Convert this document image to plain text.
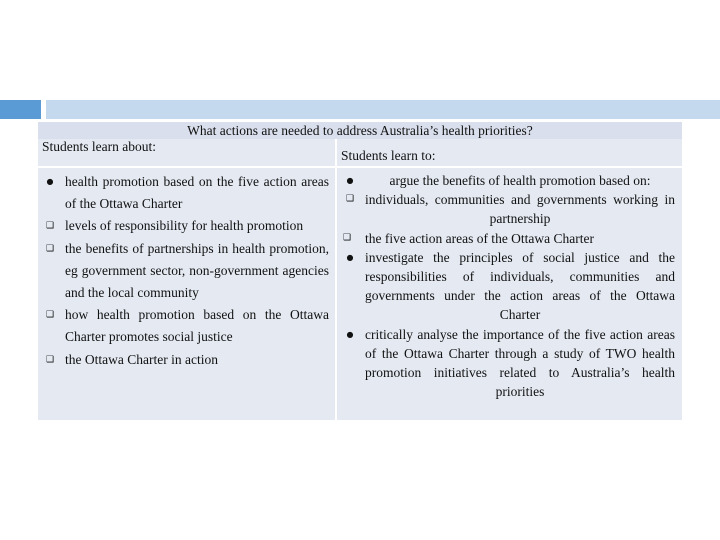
What actions are needed to address Australia’s health priorities?
Students learn about:
Students learn to:
● health promotion based on the five action areas of the Ottawa Charter
❑ levels of responsibility for health promotion
❑ the benefits of partnerships in health promotion, eg government sector, non-government agencies and the local community
❑ how health promotion based on the Ottawa Charter promotes social justice
❑ the Ottawa Charter in action
●	argue the benefits of health promotion based on:
❑ individuals, communities and governments working in partnership
❑	the five action areas of the Ottawa Charter
● investigate the principles of social justice and the responsibilities of individuals, communities and governments under the action areas of the Ottawa Charter
● critically analyse the importance of the five action areas of the Ottawa Charter through a study of TWO health promotion initiatives related to Australia’s health priorities
